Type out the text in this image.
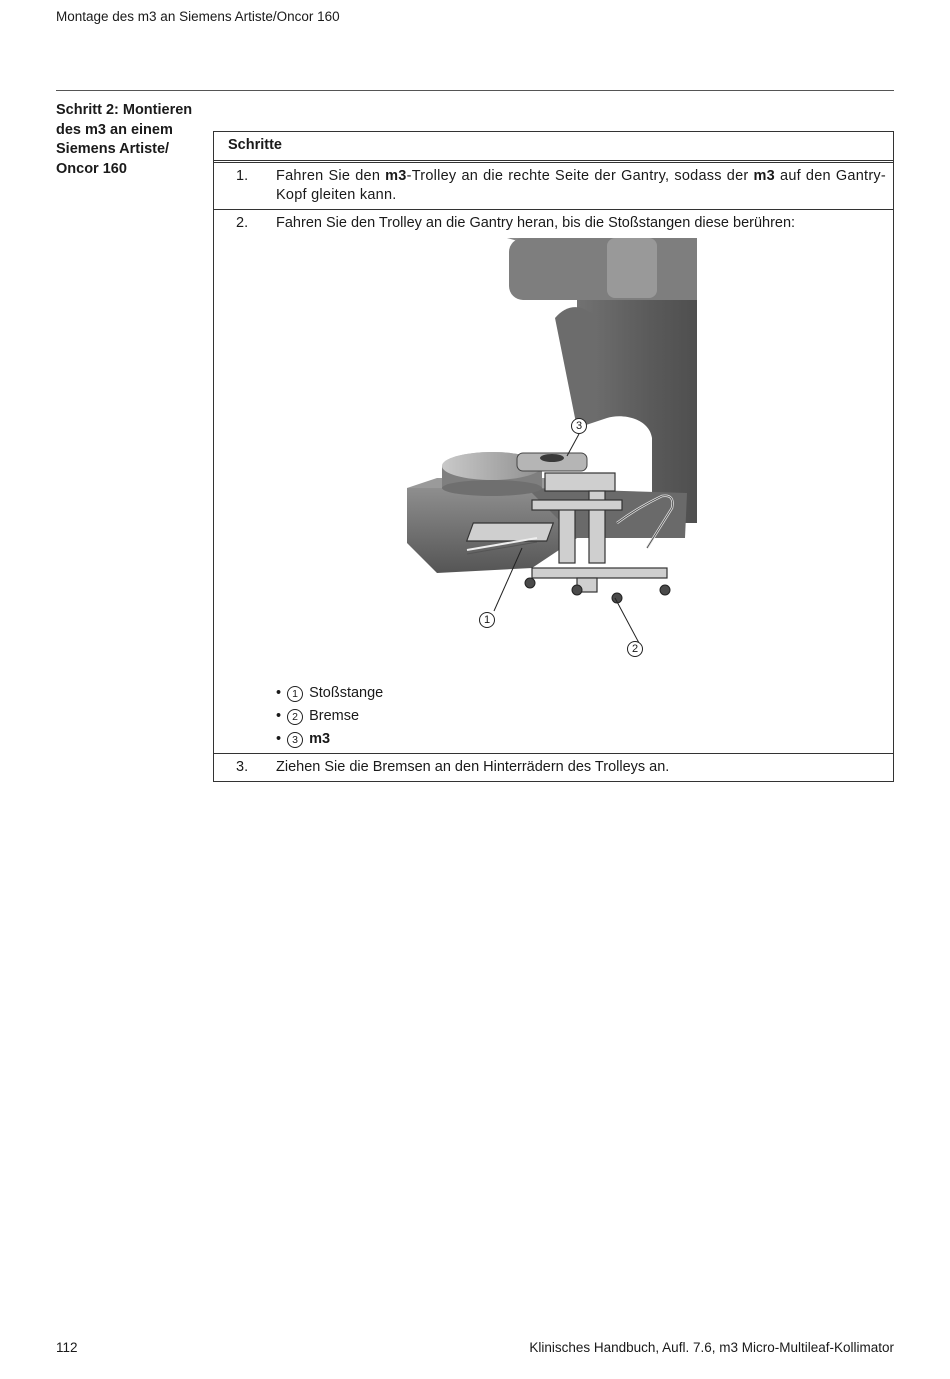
Montage des m3 an Siemens Artiste/Oncor 160
Schritt 2: Montieren des m3 an einem Siemens Artiste/ Oncor 160
Schritte
1.	Fahren Sie den m3-Trolley an die rechte Seite der Gantry, sodass der m3 auf den Gantry-Kopf gleiten kann.
2.	Fahren Sie den Trolley an die Gantry heran, bis die Stoßstangen diese berühren:
1
2
3
•	1 Stoßstange
•	2 Bremse
•	3 m3
3.	Ziehen Sie die Bremsen an den Hinterrädern des Trolleys an.
112	Klinisches Handbuch, Aufl. 7.6, m3 Micro-Multileaf-Kollimator
